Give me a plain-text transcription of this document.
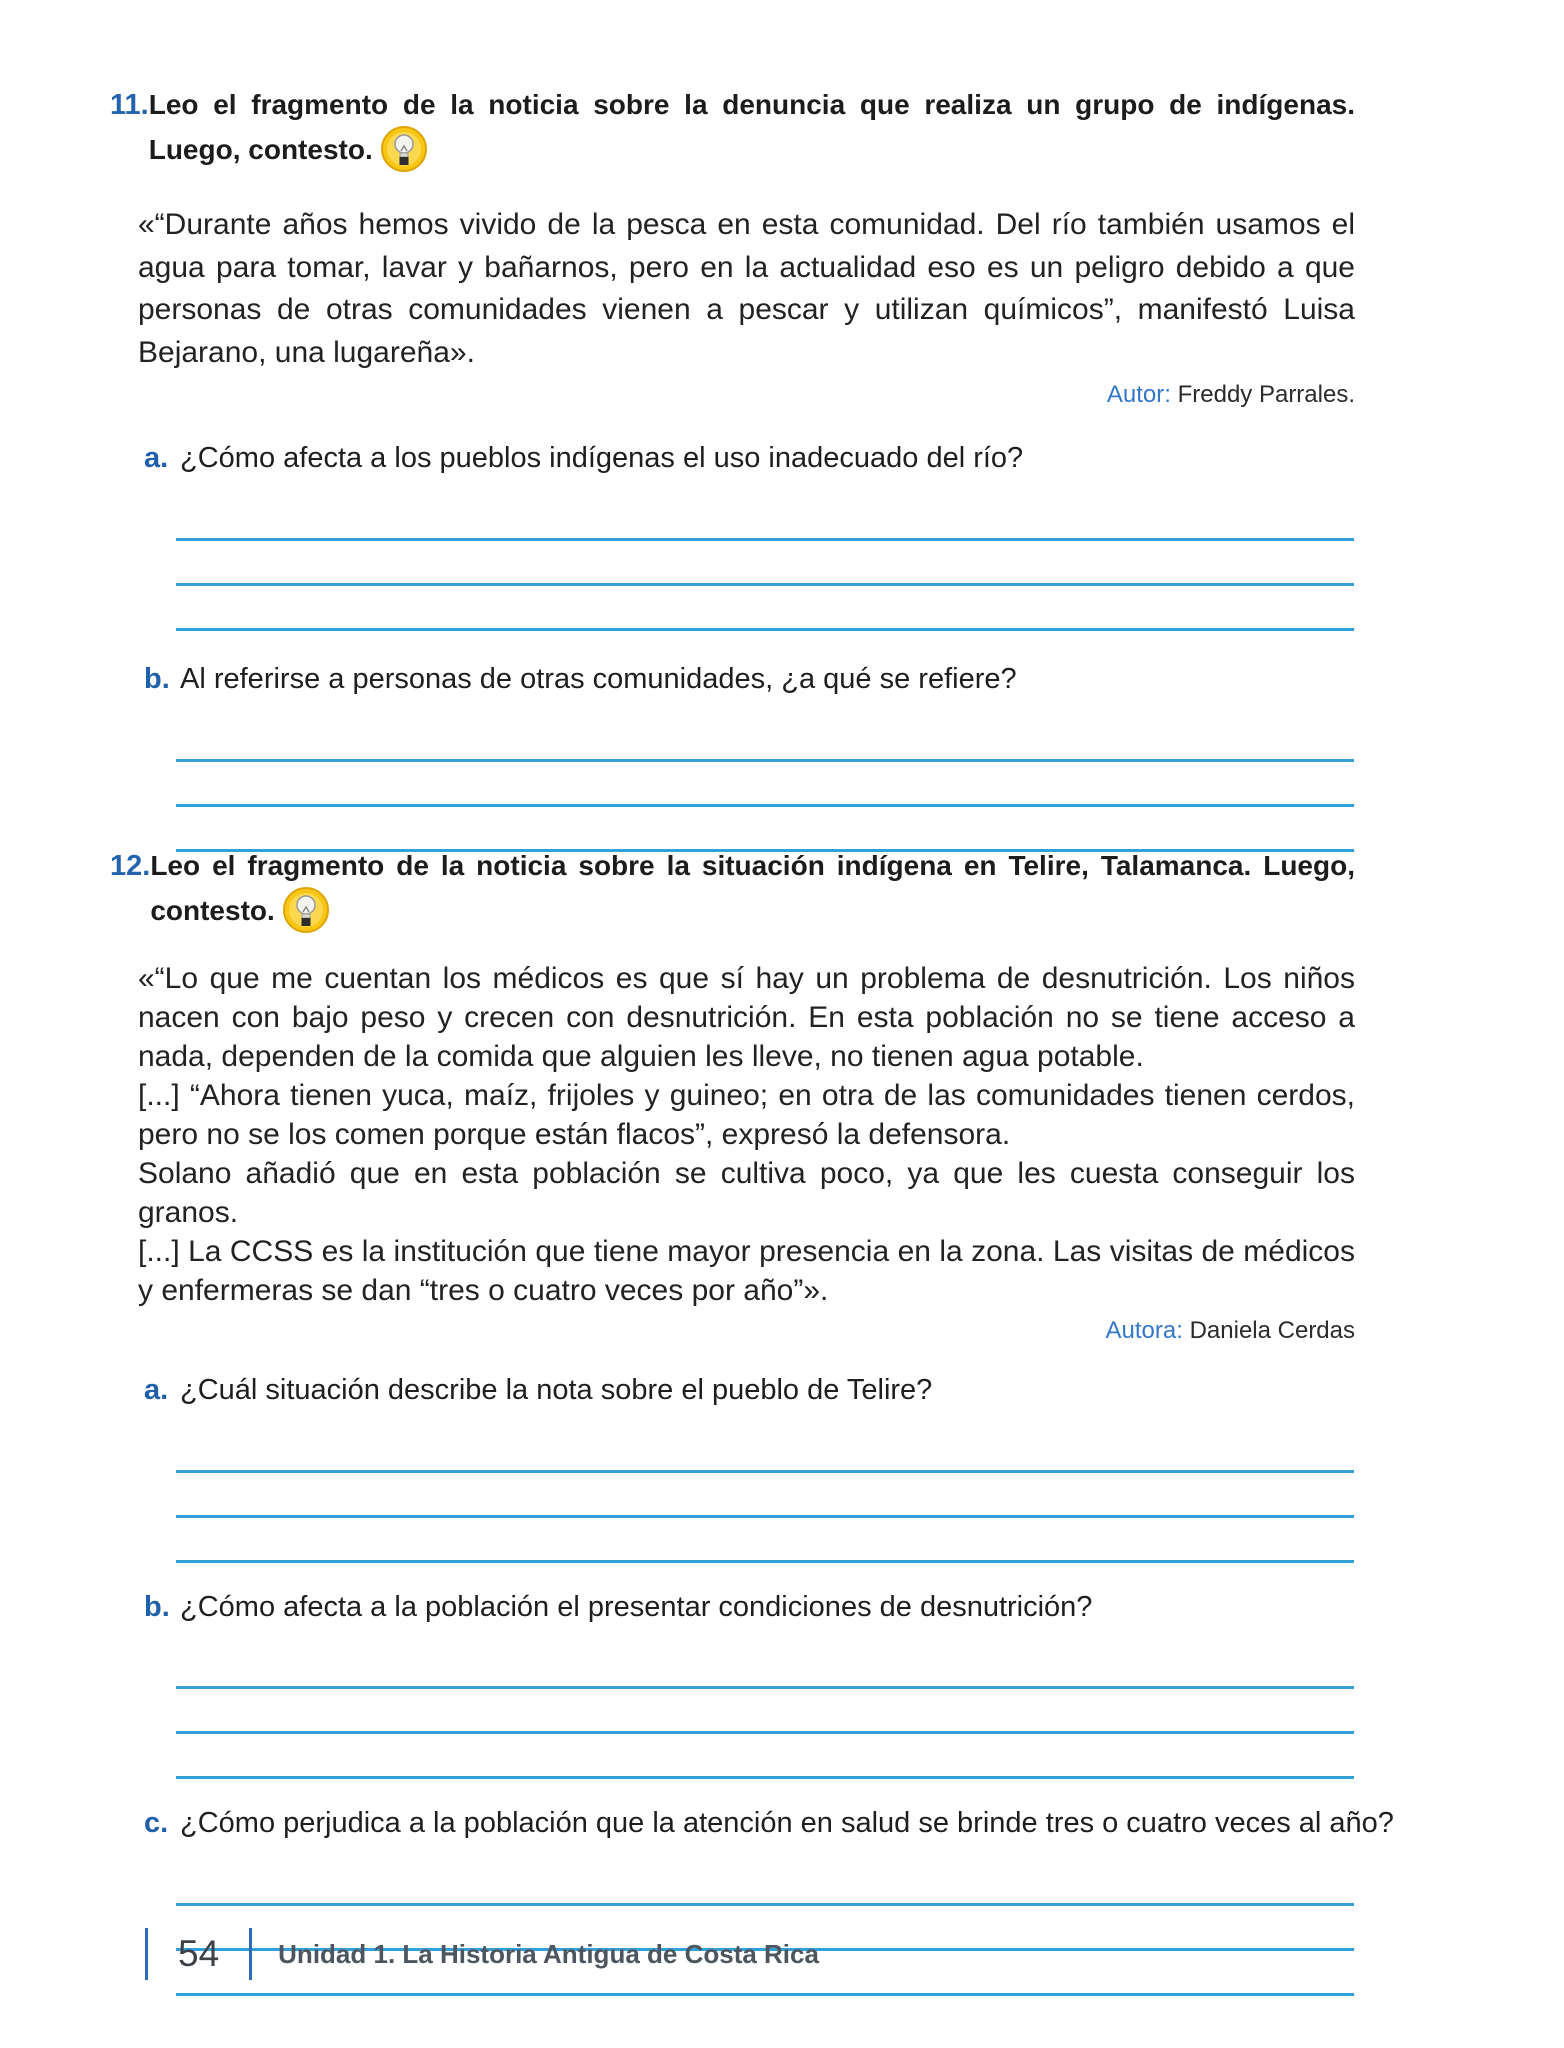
11. Leo el fragmento de la noticia sobre la denuncia que realiza un grupo de indígenas. Luego, contesto.

«“Durante años hemos vivido de la pesca en esta comunidad. Del río también usamos el agua para tomar, lavar y bañarnos, pero en la actualidad eso es un peligro debido a que personas de otras comunidades vienen a pescar y utilizan químicos”, manifestó Luisa Bejarano, una lugareña».

Autor: Freddy Parrales.

a. ¿Cómo afecta a los pueblos indígenas el uso inadecuado del río?
b. Al referirse a personas de otras comunidades, ¿a qué se refiere?
12. Leo el fragmento de la noticia sobre la situación indígena en Telire, Talamanca. Luego, contesto.

«“Lo que me cuentan los médicos es que sí hay un problema de desnutrición. Los niños nacen con bajo peso y crecen con desnutrición. En esta población no se tiene acceso a nada, dependen de la comida que alguien les lleve, no tienen agua potable.

[...] “Ahora tienen yuca, maíz, frijoles y guineo; en otra de las comunidades tienen cerdos, pero no se los comen porque están flacos”, expresó la defensora.

Solano añadió que en esta población se cultiva poco, ya que les cuesta conseguir los granos.

[...] La CCSS es la institución que tiene mayor presencia en la zona. Las visitas de médicos y enfermeras se dan “tres o cuatro veces por año”».

Autora: Daniela Cerdas

a. ¿Cuál situación describe la nota sobre el pueblo de Telire?
b. ¿Cómo afecta a la población el presentar condiciones de desnutrición?
c. ¿Cómo perjudica a la población que la atención en salud se brinde tres o cuatro veces al año?
54	Unidad 1. La Historia Antigua de Costa Rica
